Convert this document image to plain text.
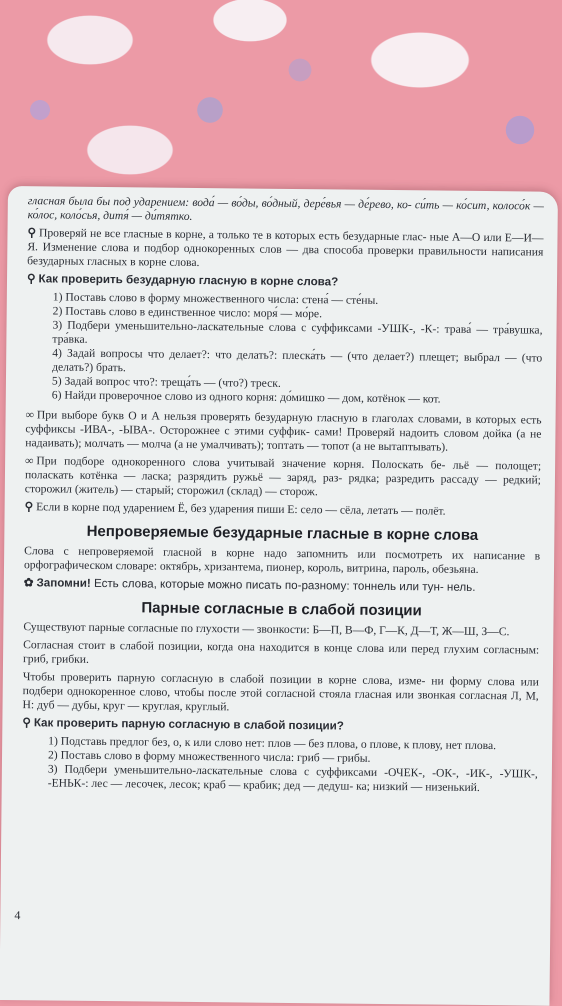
гласная была бы под ударением: вода́ — во́ды, во́дный, дере́вья — де́рево, ко- си́ть — ко́сит, колосо́к — ко́лос, коло́сья, дитя́ — ди́тятко.

⚲ Проверяй не все гласные в корне, а только те в которых есть безударные глас- ные А—О или Е—И—Я. Изменение слова и подбор однокоренных слов — два способа проверки правильности написания безударных гласных в корне слова.

⚲ Как проверить безударную гласную в корне слова?

1) Поставь слово в форму множественного числа: стена́ — сте́ны.

2) Поставь слово в единственное число: моря́ — мо́ре.

3) Подбери уменьшительно-ласкательные слова с суффиксами -УШК-, -К-: трава́ — тра́вушка, тра́вка.

4) Задай вопросы что делает?: что делать?: плеска́ть — (что делает?) плещет; выбрал — (что делать?) брать.

5) Задай вопрос что?: треща́ть — (что?) треск.

6) Найди проверочное слово из одного корня: до́мишко — дом, котёнок — кот.

∞ При выборе букв О и А нельзя проверять безударную гласную в глаголах словами, в которых есть суффиксы -ИВА-, -ЫВА-. Осторожнее с этими суффик- сами! Проверяй надоить словом дойка (а не надаивать); молчать — молча (а не умалчивать); топтать — топот (а не вытаптывать).

∞ При подборе однокоренного слова учитывай значение корня. Полоскать бе- льё — полощет; поласкать котёнка — ласка; разрядить ружьё — заряд, раз- рядка; разредить рассаду — редкий; сторожил (житель) — старый; сторожил (склад) — сторож.

⚲ Если в корне под ударением Ё, без ударения пиши Е: село — сёла, летать — полёт.

Непроверяемые безударные гласные в корне слова

Слова с непроверяемой гласной в корне надо запомнить или посмотреть их написание в орфографическом словаре: октябрь, хризантема, пионер, король, витрина, пароль, обезьяна.

✿ Запомни! Есть слова, которые можно писать по-разному: тоннель или тун- нель.

Парные согласные в слабой позиции

Существуют парные согласные по глухости — звонкости: Б—П, В—Ф, Г—К, Д—Т, Ж—Ш, З—С.

Согласная стоит в слабой позиции, когда она находится в конце слова или перед глухим согласным: гриб, грибки.

Чтобы проверить парную согласную в слабой позиции в корне слова, изме- ни форму слова или подбери однокоренное слово, чтобы после этой согласной стояла гласная или звонкая согласная Л, М, Н: дуб — дубы, круг — круглая, круглый.

⚲ Как проверить парную согласную в слабой позиции?

1) Подставь предлог без, о, к или слово нет: плов — без плова, о плове, к плову, нет плова.

2) Поставь слово в форму множественного числа: гриб — грибы.

3) Подбери уменьшительно-ласкательные слова с суффиксами -ОЧЕК-, -ОК-, -ИК-, -УШК-, -ЕНЬК-: лес — лесочек, лесок; краб — крабик; дед — дедуш- ка; низкий — низенький.

4
